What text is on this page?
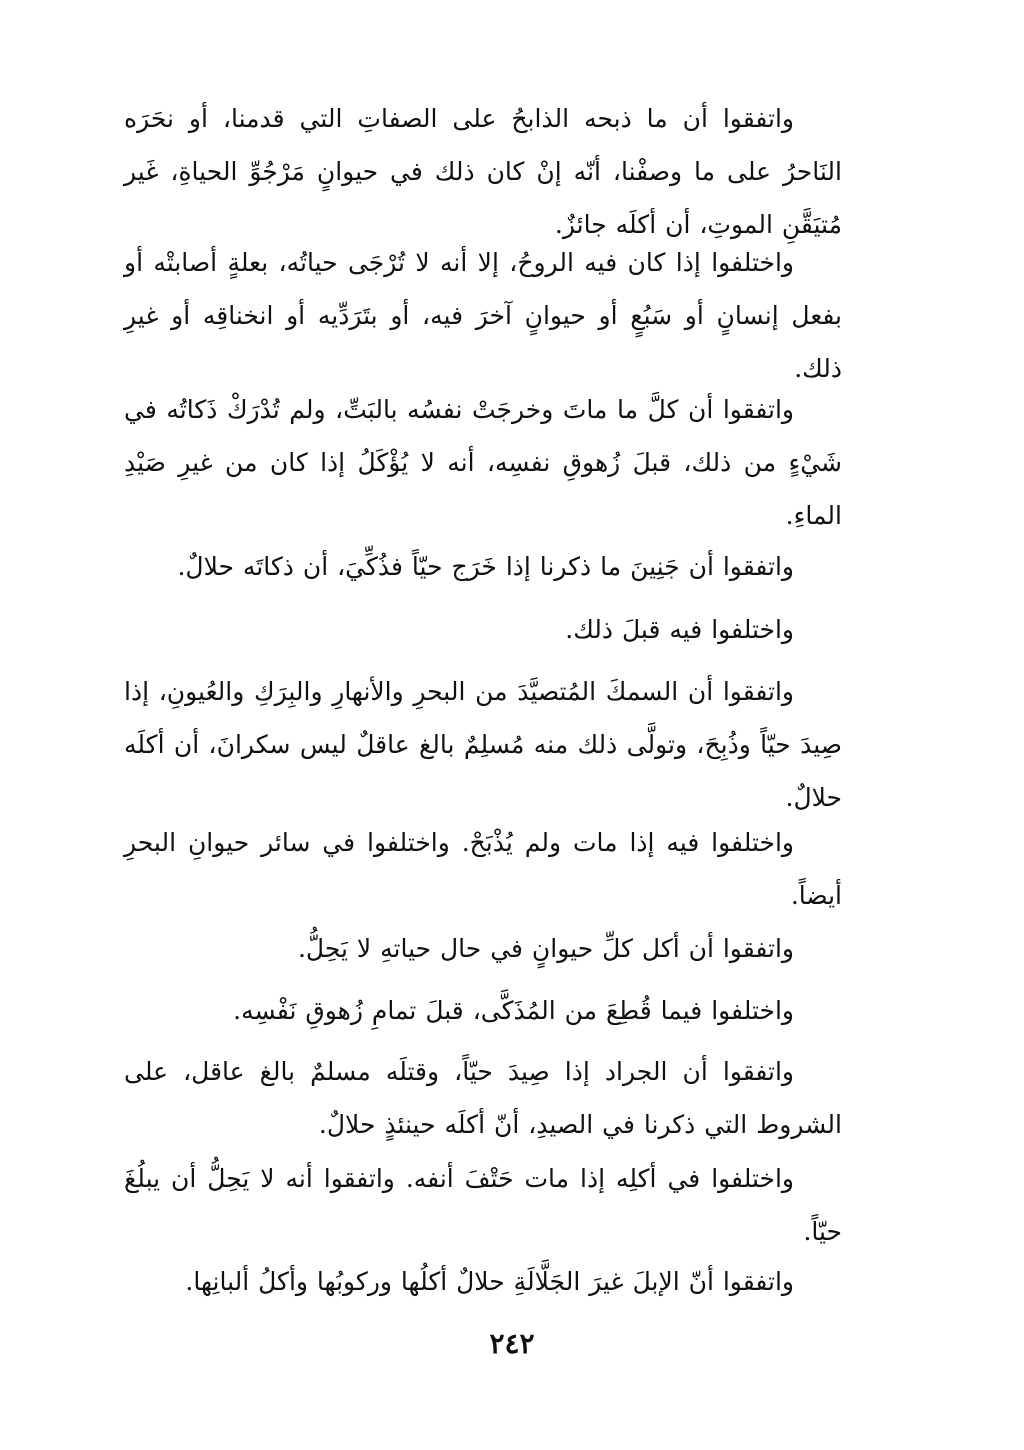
واتفقوا أن ما ذبحه الذابحُ على الصفاتِ التي قدمنا، أو نحَرَه النَاحرُ على ما وصفْنا، أنّه إنْ كان ذلك في حيوانٍ مَرْجُوِّ الحياةِ، غَير مُتيَقَّنِ الموتِ، أن أكلَه جائزٌ.

واختلفوا إذا كان فيه الروحُ، إلا أنه لا تُرْجَى حياتُه، بعلةٍ أصابتْه أو بفعل إنسانٍ أو سَبُعٍ أو حيوانٍ آخرَ فيه، أو بتَرَدِّيه أو انخناقِه أو غيرِ ذلك.

واتفقوا أن كلَّ ما ماتَ وخرجَتْ نفسُه بالبَتِّ، ولم تُدْرَكْ ذَكاتُه في شَيْءٍ من ذلك، قبلَ زُهوقِ نفسِه، أنه لا يُؤْكَلُ إذا كان من غيرِ صَيْدِ الماءِ.

واتفقوا أن جَنِينَ ما ذكرنا إذا خَرَج حيّاً فذُكِّيَ، أن ذكاتَه حلالٌ.

واختلفوا فيه قبلَ ذلك.

واتفقوا أن السمكَ المُتصيَّدَ من البحرِ والأنهارِ والبِرَكِ والعُيونِ، إذا صِيدَ حيّاً وذُبِحَ، وتولَّى ذلك منه مُسلِمٌ بالغ عاقلٌ ليس سكرانَ، أن أكلَه حلالٌ.

واختلفوا فيه إذا مات ولم يُذْبَحْ. واختلفوا في سائر حيوانِ البحرِ أيضاً.

واتفقوا أن أكل كلِّ حيوانٍ في حال حياتهِ لا يَحِلُّ.

واختلفوا فيما قُطِعَ من المُذَكَّى، قبلَ تمامِ زُهوقِ نَفْسِه.

واتفقوا أن الجراد إذا صِيدَ حيّاً، وقتلَه مسلمٌ بالغ عاقل، على الشروط التي ذكرنا في الصيدِ، أنّ أكلَه حينئذٍ حلالٌ.

واختلفوا في أكلِه إذا مات حَتْفَ أنفه. واتفقوا أنه لا يَحِلُّ أن يبلُغَ حيّاً.

واتفقوا أنّ الإبلَ غيرَ الجَلَّالَةِ حلالٌ أكلُها وركوبُها وأكلُ ألبانِها.

٢٤٢
